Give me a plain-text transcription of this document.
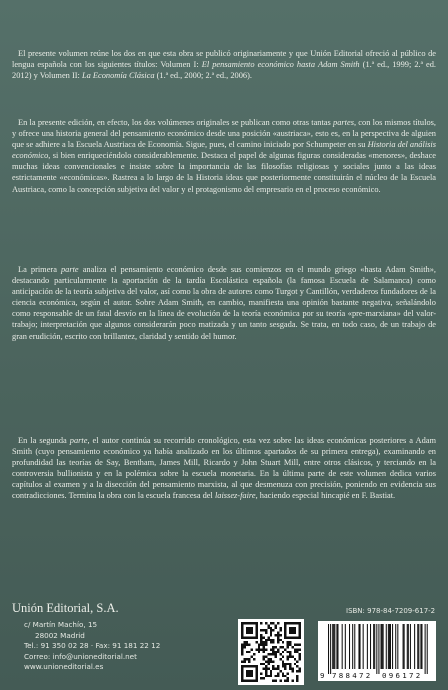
El presente volumen reúne los dos en que esta obra se publicó originariamente y que Unión Editorial ofreció al público de lengua española con los siguientes títulos: Volumen I: El pensamiento económico hasta Adam Smith (1.ª ed., 1999; 2.ª ed. 2012) y Volumen II: La Economía Clásica (1.ª ed., 2000; 2.ª ed., 2006).

En la presente edición, en efecto, los dos volúmenes originales se publican como otras tantas partes, con los mismos títulos, y ofrece una historia general del pensamiento económico desde una posición «austriaca», esto es, en la perspectiva de alguien que se adhiere a la Escuela Austriaca de Economía. Sigue, pues, el camino iniciado por Schumpeter en su Historia del análisis económico, si bien enriqueciéndolo considerablemente. Destaca el papel de algunas figuras consideradas «menores», deshace muchas ideas convencionales e insiste sobre la importancia de las filosofías religiosas y sociales junto a las ideas estrictamente «económicas». Rastrea a lo largo de la Historia ideas que posteriormente constituirán el núcleo de la Escuela Austriaca, como la concepción subjetiva del valor y el protagonismo del empresario en el proceso económico.

La primera parte analiza el pensamiento económico desde sus comienzos en el mundo griego «hasta Adam Smith», destacando particularmente la aportación de la tardía Escolástica española (la famosa Escuela de Salamanca) como anticipación de la teoría subjetiva del valor, así como la obra de autores como Turgot y Cantillón, verdaderos fundadores de la ciencia económica, según el autor. Sobre Adam Smith, en cambio, manifiesta una opinión bastante negativa, señalándolo como responsable de un fatal desvío en la línea de evolución de la teoría económica por su teoría «pre-marxiana» del valor-trabajo; interpretación que algunos considerarán poco matizada y un tanto sesgada. Se trata, en todo caso, de un trabajo de gran erudición, escrito con brillantez, claridad y sentido del humor.

En la segunda parte, el autor continúa su recorrido cronológico, esta vez sobre las ideas económicas posteriores a Adam Smith (cuyo pensamiento económico ya había analizado en los últimos apartados de su primera entrega), examinando en profundidad las teorías de Say, Bentham, James Mill, Ricardo y John Stuart Mill, entre otros clásicos, y terciando en la controversia bullionista y en la polémica sobre la escuela monetaria. En la última parte de este volumen dedica varios capítulos al examen y a la disección del pensamiento marxista, al que desmenuza con precisión, poniendo en evidencia sus contradicciones. Termina la obra con la escuela francesa del laissez-faire, haciendo especial hincapié en F. Bastiat.

Unión Editorial, S.A.
c/ Martín Machío, 15
28002 Madrid
Tel.: 91 350 02 28 · Fax: 91 181 22 12
Correo: info@unioneditorial.net
www.unioneditorial.es
ISBN: 978-84-7209-617-2
9 788472 096172
